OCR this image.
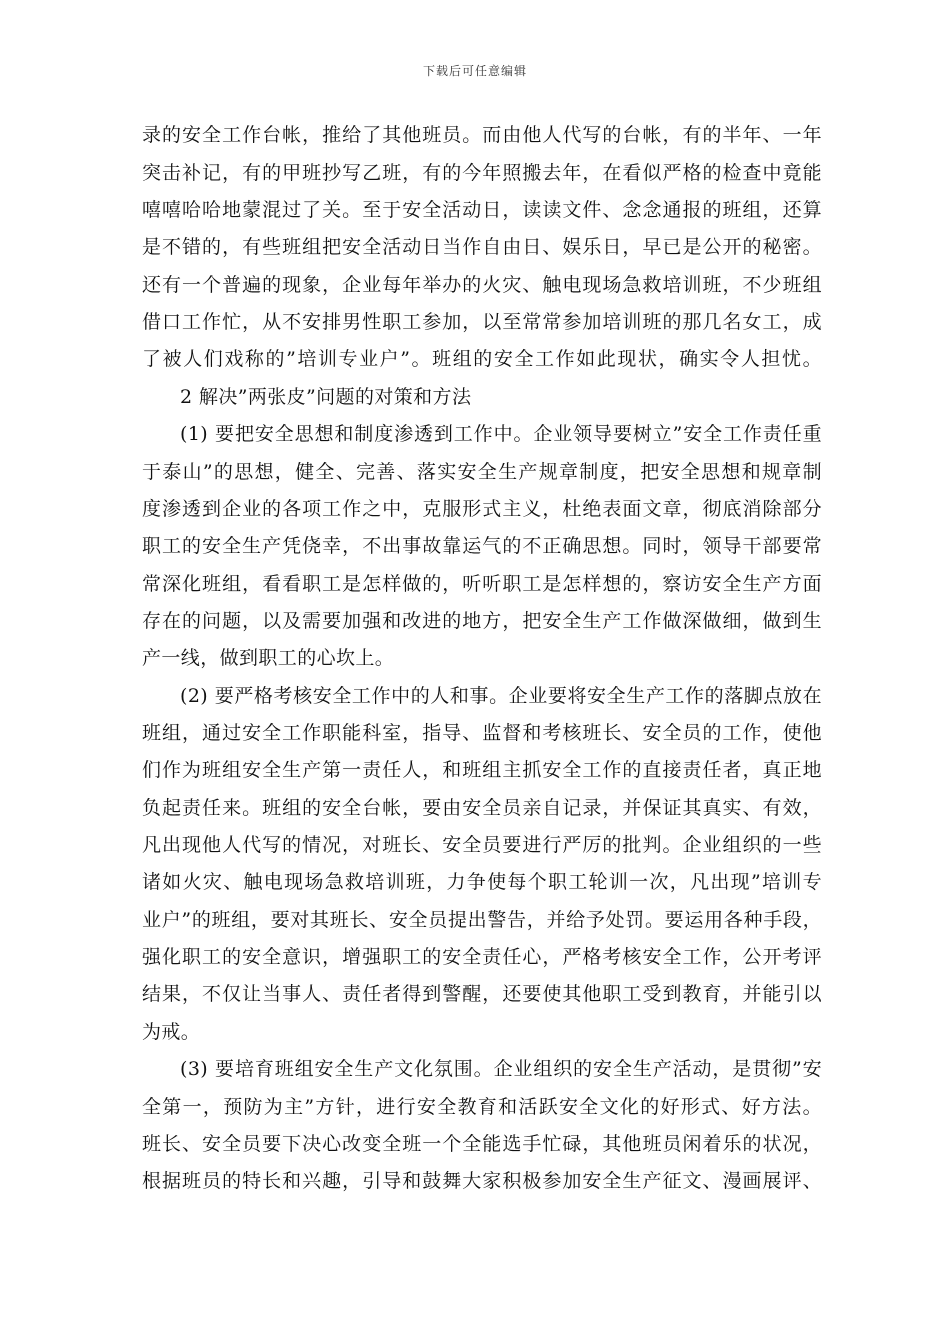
下载后可任意编辑
录的安全工作台帐，推给了其他班员。而由他人代写的台帐，有的半年、一年
突击补记，有的甲班抄写乙班，有的今年照搬去年，在看似严格的检查中竟能
嘻嘻哈哈地蒙混过了关。至于安全活动日，读读文件、念念通报的班组，还算
是不错的，有些班组把安全活动日当作自由日、娱乐日，早已是公开的秘密。
还有一个普遍的现象，企业每年举办的火灾、触电现场急救培训班，不少班组
借口工作忙，从不安排男性职工参加，以至常常参加培训班的那几名女工，成
了被人们戏称的”培训专业户”。班组的安全工作如此现状，确实令人担忧。
2 解决”两张皮”问题的对策和方法
(1) 要把安全思想和制度渗透到工作中。企业领导要树立”安全工作责任重
于泰山”的思想，健全、完善、落实安全生产规章制度，把安全思想和规章制
度渗透到企业的各项工作之中，克服形式主义，杜绝表面文章，彻底消除部分
职工的安全生产凭侥幸，不出事故靠运气的不正确思想。同时，领导干部要常
常深化班组，看看职工是怎样做的，听听职工是怎样想的，察访安全生产方面
存在的问题，以及需要加强和改进的地方，把安全生产工作做深做细，做到生
产一线，做到职工的心坎上。
(2) 要严格考核安全工作中的人和事。企业要将安全生产工作的落脚点放在
班组，通过安全工作职能科室，指导、监督和考核班长、安全员的工作，使他
们作为班组安全生产第一责任人，和班组主抓安全工作的直接责任者，真正地
负起责任来。班组的安全台帐，要由安全员亲自记录，并保证其真实、有效，
凡出现他人代写的情况，对班长、安全员要进行严厉的批判。企业组织的一些
诸如火灾、触电现场急救培训班，力争使每个职工轮训一次，凡出现”培训专
业户”的班组，要对其班长、安全员提出警告，并给予处罚。要运用各种手段，
强化职工的安全意识，增强职工的安全责任心，严格考核安全工作，公开考评
结果，不仅让当事人、责任者得到警醒，还要使其他职工受到教育，并能引以
为戒。
(3) 要培育班组安全生产文化氛围。企业组织的安全生产活动，是贯彻”安
全第一，预防为主”方针，进行安全教育和活跃安全文化的好形式、好方法。
班长、安全员要下决心改变全班一个全能选手忙碌，其他班员闲着乐的状况，
根据班员的特长和兴趣，引导和鼓舞大家积极参加安全生产征文、漫画展评、
